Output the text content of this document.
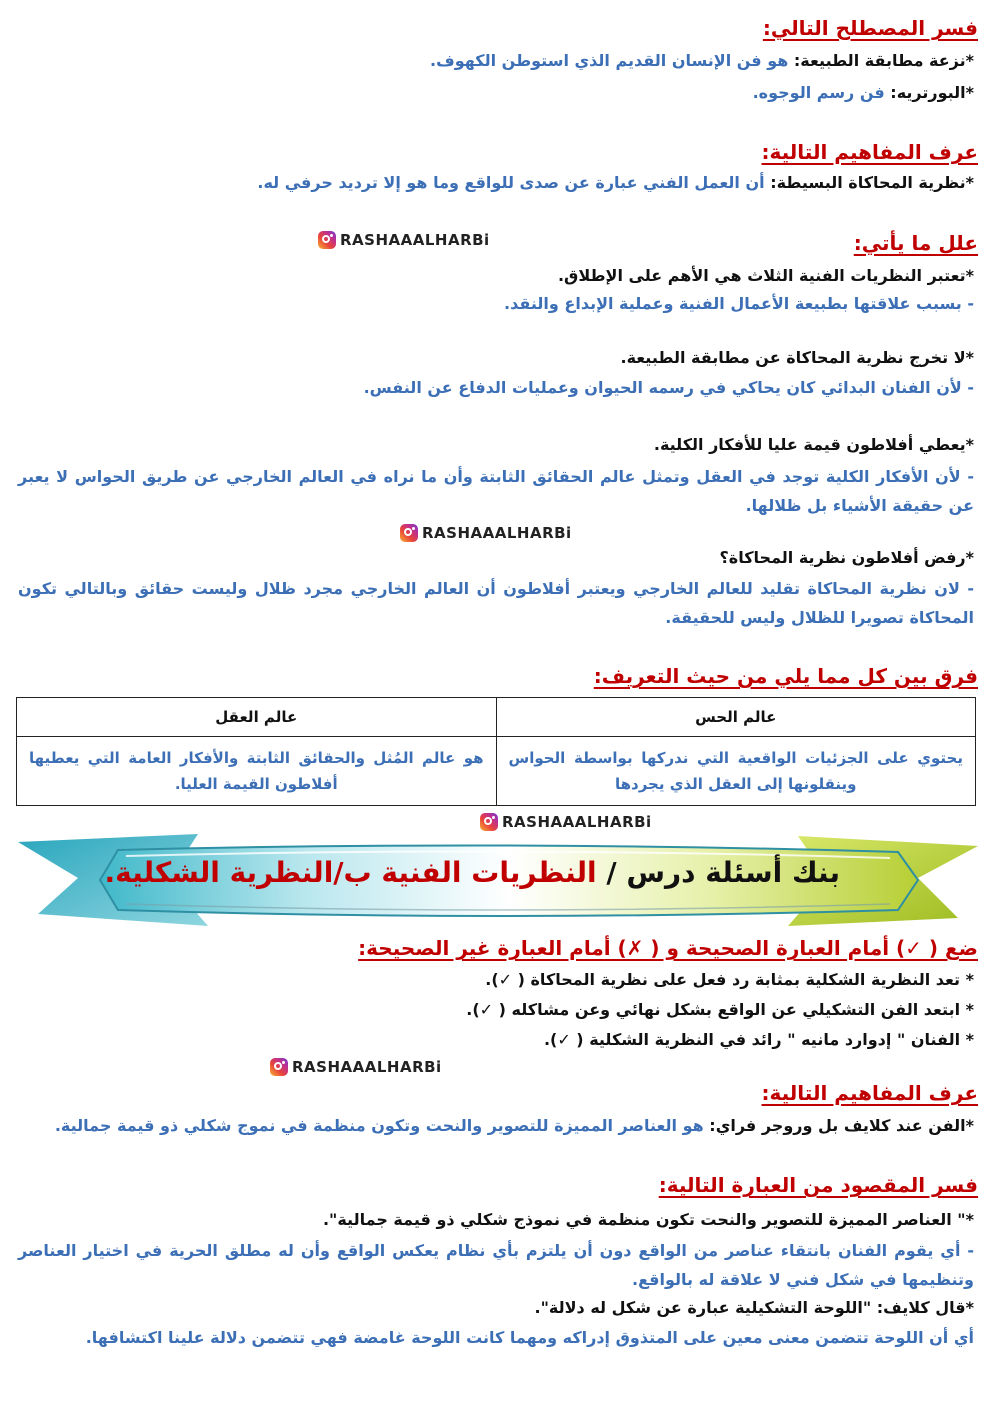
فسر المصطلح التالي:
*نزعة مطابقة الطبيعة: هو فن الإنسان القديم الذي استوطن الكهوف.
*البورتريه: فن رسم الوجوه.
عرف المفاهيم التالية:
*نظرية المحاكاة البسيطة: أن العمل الفني عبارة عن صدى للواقع وما هو إلا ترديد حرفي له.
علل ما يأتي:
RASHAAALHARBi
*تعتبر النظريات الفنية الثلاث هي الأهم على الإطلاق.
- بسبب علاقتها بطبيعة الأعمال الفنية وعملية الإبداع والنقد.
*لا تخرج نظرية المحاكاة عن مطابقة الطبيعة.
- لأن الفنان البدائي كان يحاكي في رسمه الحيوان وعمليات الدفاع عن النفس.
*يعطي أفلاطون قيمة عليا للأفكار الكلية.
- لأن الأفكار الكلية توجد في العقل وتمثل عالم الحقائق الثابتة وأن ما نراه في العالم الخارجي عن طريق الحواس لا يعبر عن حقيقة الأشياء بل ظلالها.
RASHAAALHARBi
*رفض أفلاطون نظرية المحاكاة؟
- لان نظرية المحاكاة تقليد للعالم الخارجي ويعتبر أفلاطون أن العالم الخارجي مجرد ظلال وليست حقائق وبالتالي تكون المحاكاة تصويرا للظلال وليس للحقيقة.
فرق بين كل مما يلي من حيث التعريف:
عالم الحس	عالم العقل
يحتوي على الجزئيات الواقعية التي ندركها بواسطة الحواس وينقلونها إلى العقل الذي يجردها	هو عالم المُثل والحقائق الثابتة والأفكار العامة التي يعطيها أفلاطون القيمة العليا.
RASHAAALHARBi
بنك أسئلة درس / النظريات الفنية ب/النظرية الشكلية.
ضع ( ✓) أمام العبارة الصحيحة و ( ✗) أمام العبارة غير الصحيحة:
* تعد النظرية الشكلية بمثابة رد فعل على نظرية المحاكاة ( ✓).
* ابتعد الفن التشكيلي عن الواقع بشكل نهائي وعن مشاكله ( ✓).
* الفنان " إدوارد مانيه " رائد في النظرية الشكلية ( ✓).
RASHAAALHARBi
عرف المفاهيم التالية:
*الفن عند كلايف بل وروجر فراي: هو العناصر المميزة للتصوير والنحت وتكون منظمة في نموج شكلي ذو قيمة جمالية.
فسر المقصود من العبارة التالية:
*" العناصر المميزة للتصوير والنحت تكون منظمة في نموذج شكلي ذو قيمة جمالية".
- أي يقوم الفنان بانتقاء عناصر من الواقع دون أن يلتزم بأي نظام يعكس الواقع وأن له مطلق الحرية في اختيار العناصر وتنظيمها في شكل فني لا علاقة له بالواقع.
*قال كلايف: "اللوحة التشكيلية عبارة عن شكل له دلالة".
أي أن اللوحة تتضمن معنى معين على المتذوق إدراكه ومهما كانت اللوحة غامضة فهي تتضمن دلالة علينا اكتشافها.
